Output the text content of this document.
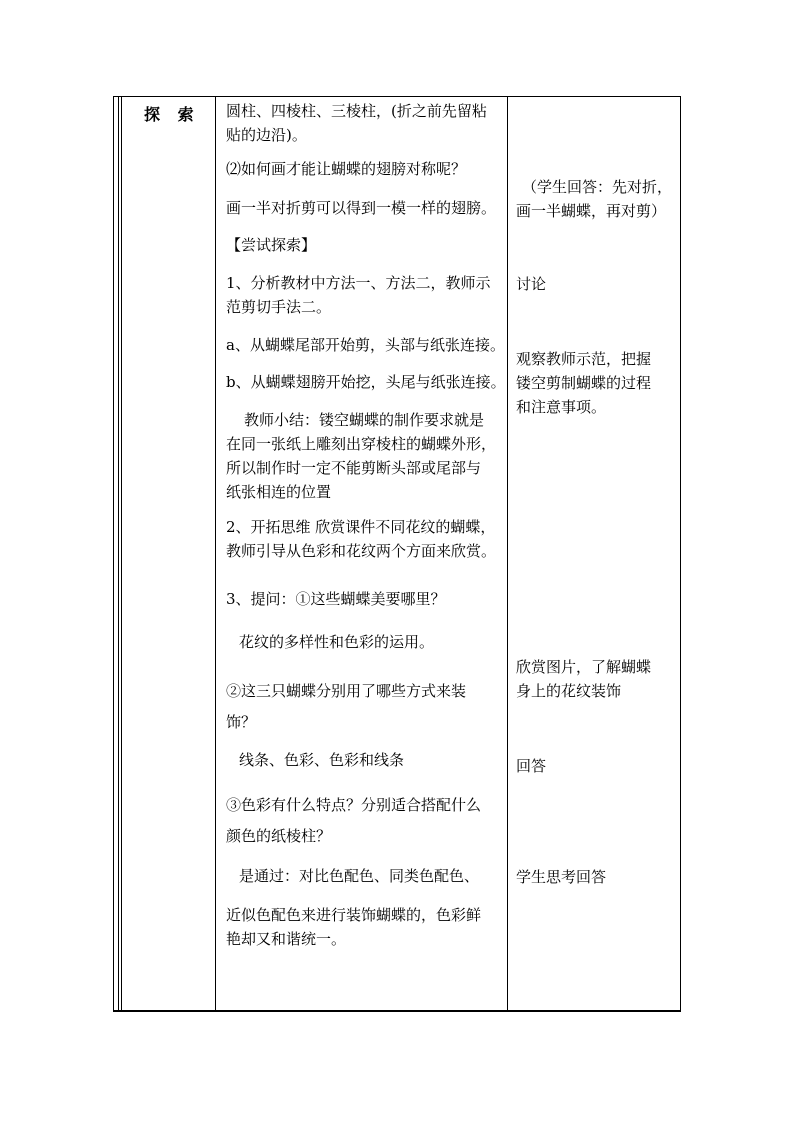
探 索 圆柱、四棱柱、三棱柱，(折之前先留粘
贴的边沿)。
⑵如何画才能让蝴蝶的翅膀对称呢？
画一半对折剪可以得到一模一样的翅膀。
【尝试探索】
1、分析教材中方法一、方法二，教师示
范剪切手法二。
a、从蝴蝶尾部开始剪，头部与纸张连接。
b、从蝴蝶翅膀开始挖，头尾与纸张连接。
教师小结：镂空蝴蝶的制作要求就是
在同一张纸上雕刻出穿棱柱的蝴蝶外形，
所以制作时一定不能剪断头部或尾部与
纸张相连的位置
2、开拓思维 欣赏课件不同花纹的蝴蝶，
教师引导从色彩和花纹两个方面来欣赏。
3、提问：①这些蝴蝶美要哪里？
花纹的多样性和色彩的运用。
②这三只蝴蝶分别用了哪些方式来装
饰？
线条、色彩、色彩和线条
③色彩有什么特点？分别适合搭配什么
颜色的纸棱柱？
是通过：对比色配色、同类色配色、
近似色配色来进行装饰蝴蝶的，色彩鲜
艳却又和谐统一。
（学生回答：先对折，
画一半蝴蝶，再对剪）
讨论
观察教师示范，把握
镂空剪制蝴蝶的过程
和注意事项。
欣赏图片，了解蝴蝶
身上的花纹装饰
回答
学生思考回答
